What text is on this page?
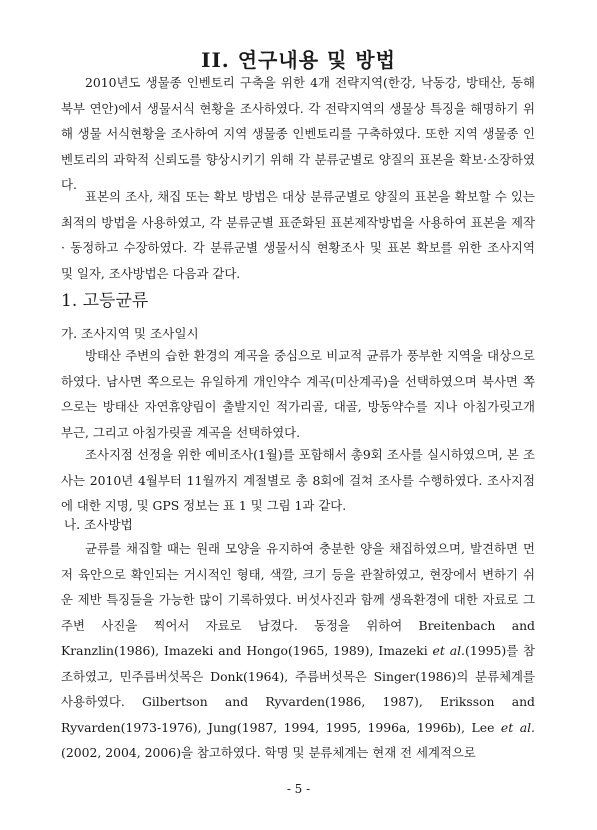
II. 연구내용 및 방법

2010년도 생물종 인벤토리 구축을 위한 4개 전략지역(한강, 낙동강, 방태산, 동해 북부 연안)에서 생물서식 현황을 조사하였다. 각 전략지역의 생물상 특징을 해명하기 위해 생물 서식현황을 조사하여 지역 생물종 인벤토리를 구축하였다. 또한 지역 생물종 인벤토리의 과학적 신뢰도를 향상시키기 위해 각 분류군별로 양질의 표본을 확보·소장하였다.

표본의 조사, 채집 또는 확보 방법은 대상 분류군별로 양질의 표본을 확보할 수 있는 최적의 방법을 사용하였고, 각 분류군별 표준화된 표본제작방법을 사용하여 표본을 제작 · 동정하고 수장하였다. 각 분류군별 생물서식 현황조사 및 표본 확보를 위한 조사지역 및 일자, 조사방법은 다음과 같다.

1. 고등균류
가. 조사지역 및 조사일시

방태산 주변의 습한 환경의 계곡을 중심으로 비교적 균류가 풍부한 지역을 대상으로 하였다. 남사면 쪽으로는 유일하게 개인약수 계곡(미산계곡)을 선택하였으며 북사면 쪽으로는 방태산 자연휴양림이 출발지인 적가리골, 대골, 방동약수를 지나 아침가릿고개 부근, 그리고 아침가릿골 계곡을 선택하였다.

조사지점 선정을 위한 예비조사(1월)를 포함해서 총9회 조사를 실시하였으며, 본 조사는 2010년 4월부터 11월까지 계절별로 총 8회에 걸쳐 조사를 수행하였다. 조사지점에 대한 지명, 및 GPS 정보는 표 1 및 그림 1과 같다.

나. 조사방법

균류를 채집할 때는 원래 모양을 유지하여 충분한 양을 채집하였으며, 발견하면 먼저 육안으로 확인되는 거시적인 형태, 색깔, 크기 등을 관찰하였고, 현장에서 변하기 쉬운 제반 특징들을 가능한 많이 기록하였다. 버섯사진과 함께 생육환경에 대한 자료로 그 주변 사진을 찍어서 자료로 남겼다. 동정을 위하여 Breitenbach and Kranzlin(1986), Imazeki and Hongo(1965, 1989), Imazeki et al.(1995)를 참조하였고, 민주름버섯목은 Donk(1964), 주름버섯목은 Singer(1986)의 분류체계를 사용하였다. Gilbertson and Ryvarden(1986, 1987), Eriksson and Ryvarden(1973-1976), Jung(1987, 1994, 1995, 1996a, 1996b), Lee et al.(2002, 2004, 2006)을 참고하였다. 학명 및 분류체계는 현재 전 세계적으로

- 5 -
